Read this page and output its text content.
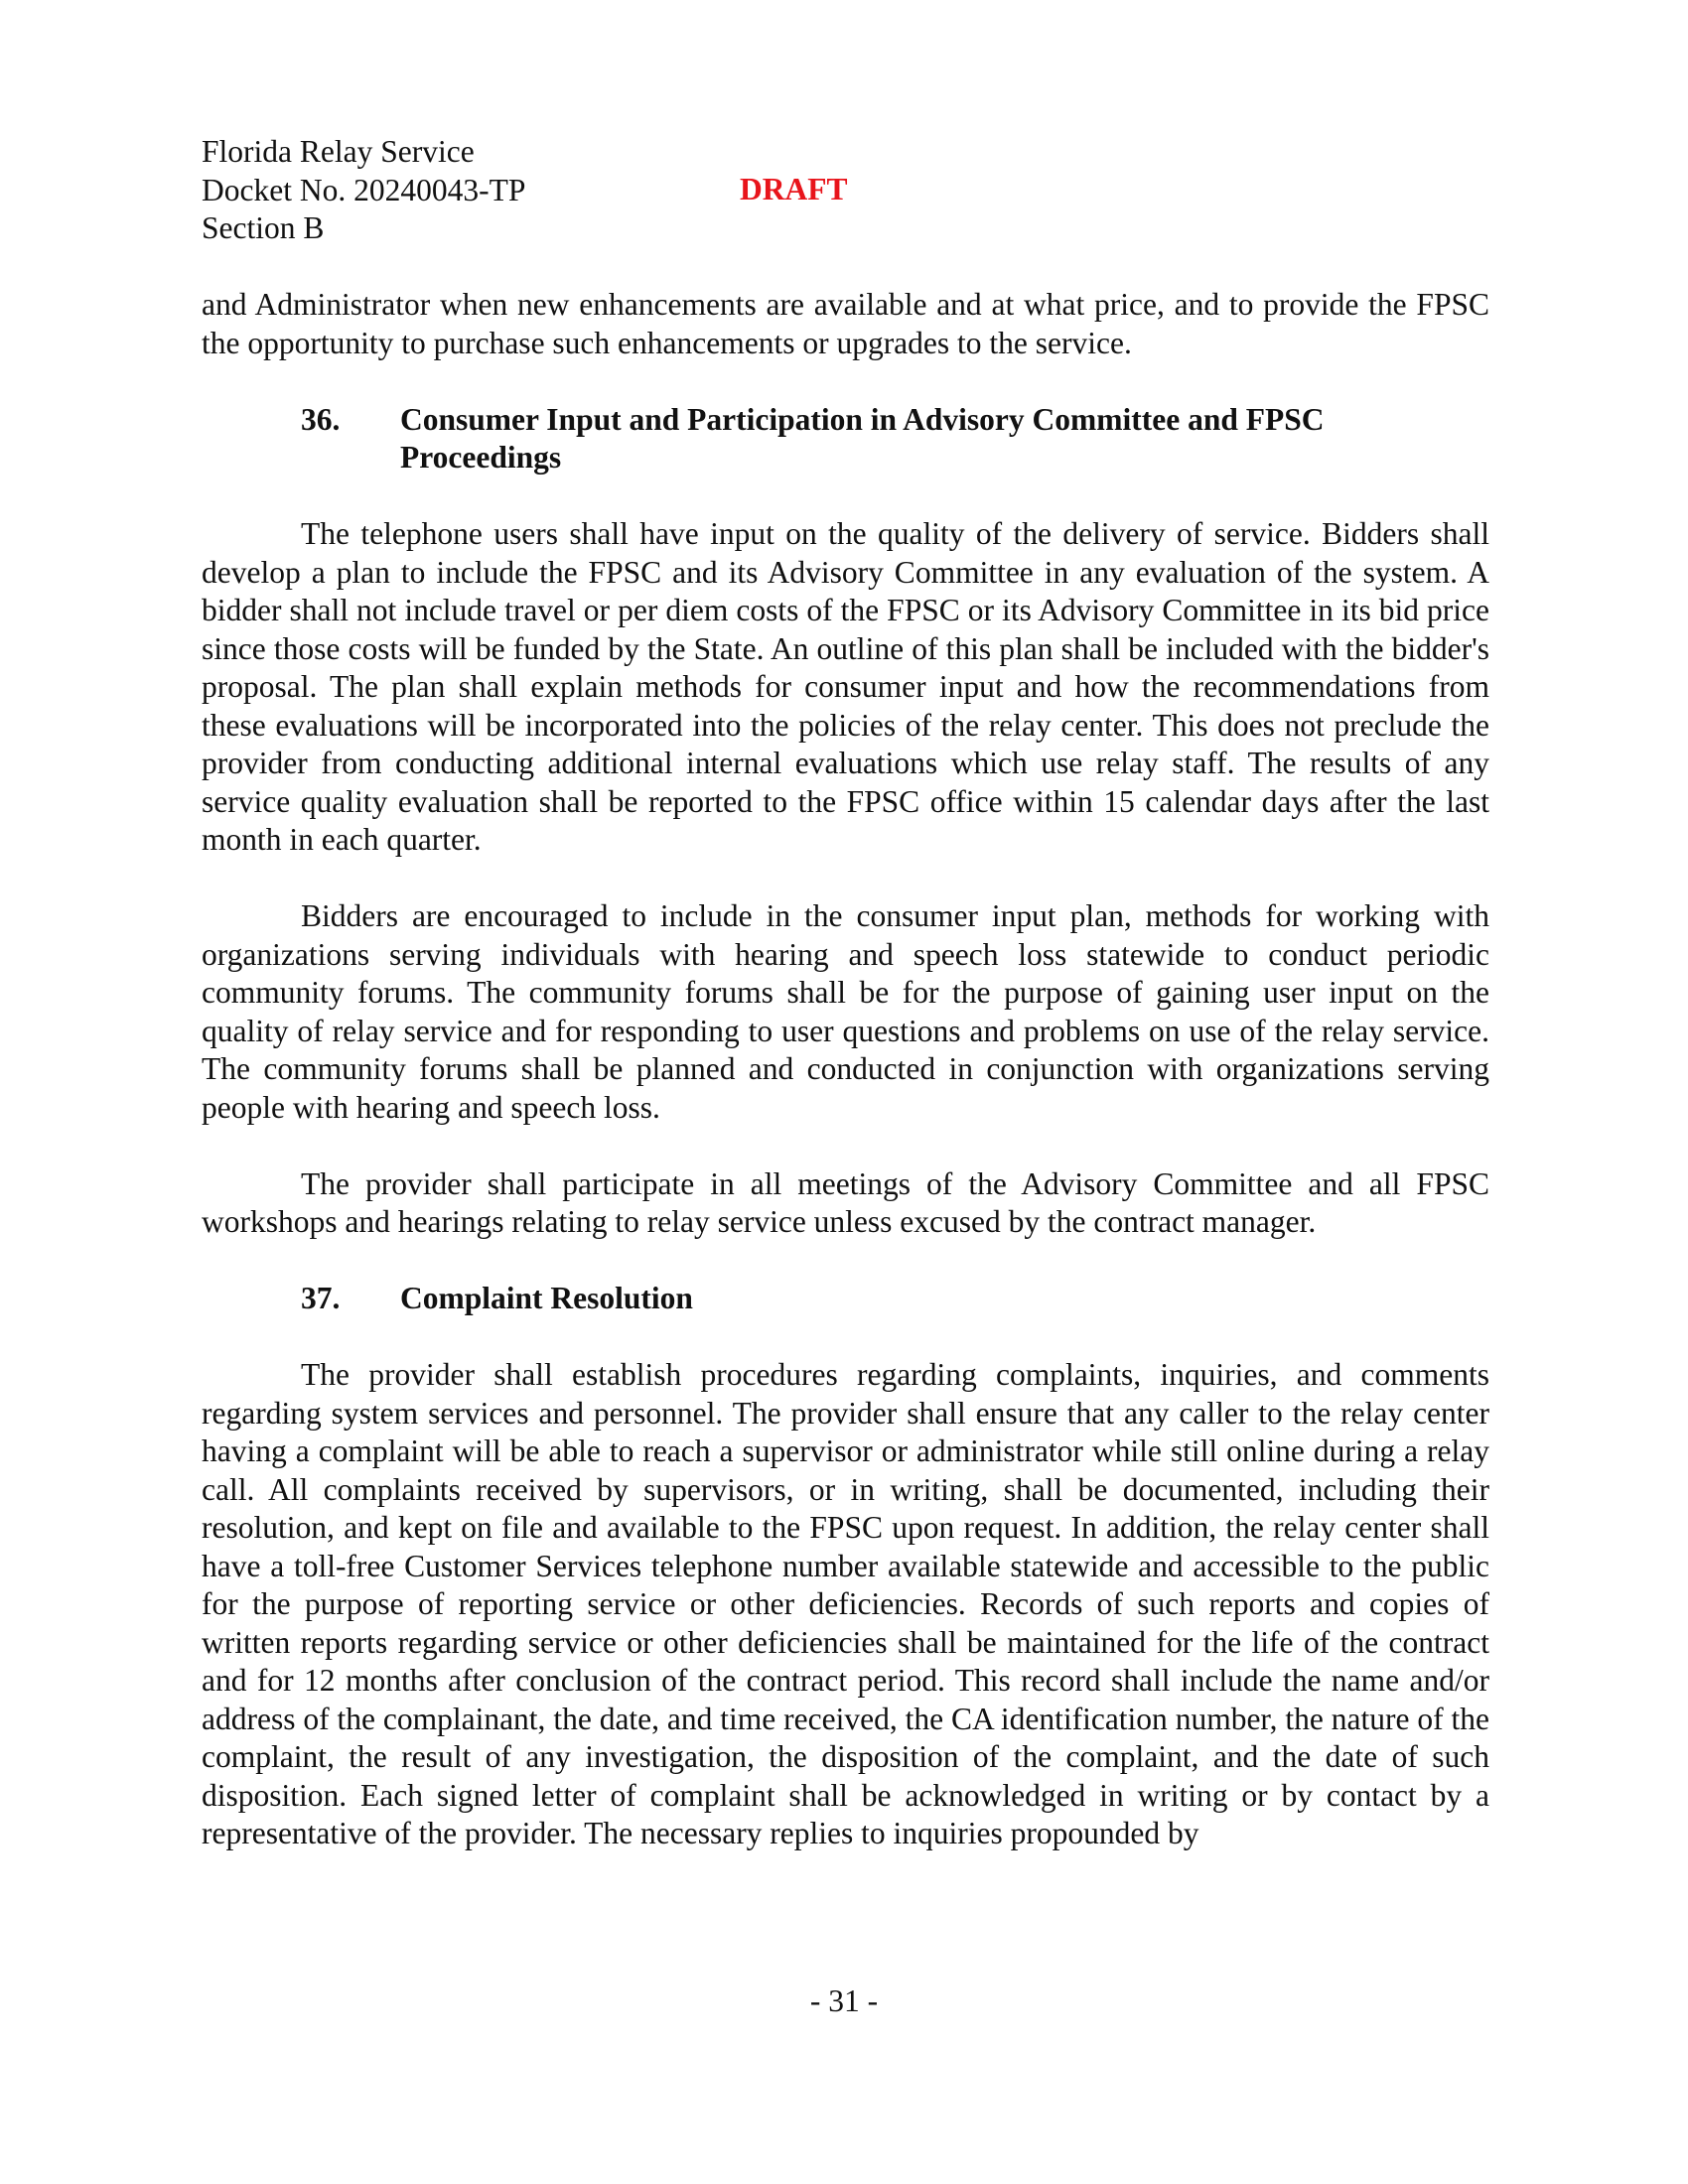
Florida Relay Service
Docket No. 20240043-TP
Section B
DRAFT

and Administrator when new enhancements are available and at what price, and to provide the FPSC the opportunity to purchase such enhancements or upgrades to the service.

36.	Consumer Input and Participation in Advisory Committee and FPSC Proceedings

The telephone users shall have input on the quality of the delivery of service. Bidders shall develop a plan to include the FPSC and its Advisory Committee in any evaluation of the system. A bidder shall not include travel or per diem costs of the FPSC or its Advisory Committee in its bid price since those costs will be funded by the State. An outline of this plan shall be included with the bidder's proposal. The plan shall explain methods for consumer input and how the recommendations from these evaluations will be incorporated into the policies of the relay center. This does not preclude the provider from conducting additional internal evaluations which use relay staff. The results of any service quality evaluation shall be reported to the FPSC office within 15 calendar days after the last month in each quarter.

Bidders are encouraged to include in the consumer input plan, methods for working with organizations serving individuals with hearing and speech loss statewide to conduct periodic community forums. The community forums shall be for the purpose of gaining user input on the quality of relay service and for responding to user questions and problems on use of the relay service. The community forums shall be planned and conducted in conjunction with organizations serving people with hearing and speech loss.

The provider shall participate in all meetings of the Advisory Committee and all FPSC workshops and hearings relating to relay service unless excused by the contract manager.

37.	Complaint Resolution

The provider shall establish procedures regarding complaints, inquiries, and comments regarding system services and personnel. The provider shall ensure that any caller to the relay center having a complaint will be able to reach a supervisor or administrator while still online during a relay call. All complaints received by supervisors, or in writing, shall be documented, including their resolution, and kept on file and available to the FPSC upon request. In addition, the relay center shall have a toll-free Customer Services telephone number available statewide and accessible to the public for the purpose of reporting service or other deficiencies. Records of such reports and copies of written reports regarding service or other deficiencies shall be maintained for the life of the contract and for 12 months after conclusion of the contract period. This record shall include the name and/or address of the complainant, the date, and time received, the CA identification number, the nature of the complaint, the result of any investigation, the disposition of the complaint, and the date of such disposition. Each signed letter of complaint shall be acknowledged in writing or by contact by a representative of the provider. The necessary replies to inquiries propounded by

- 31 -
